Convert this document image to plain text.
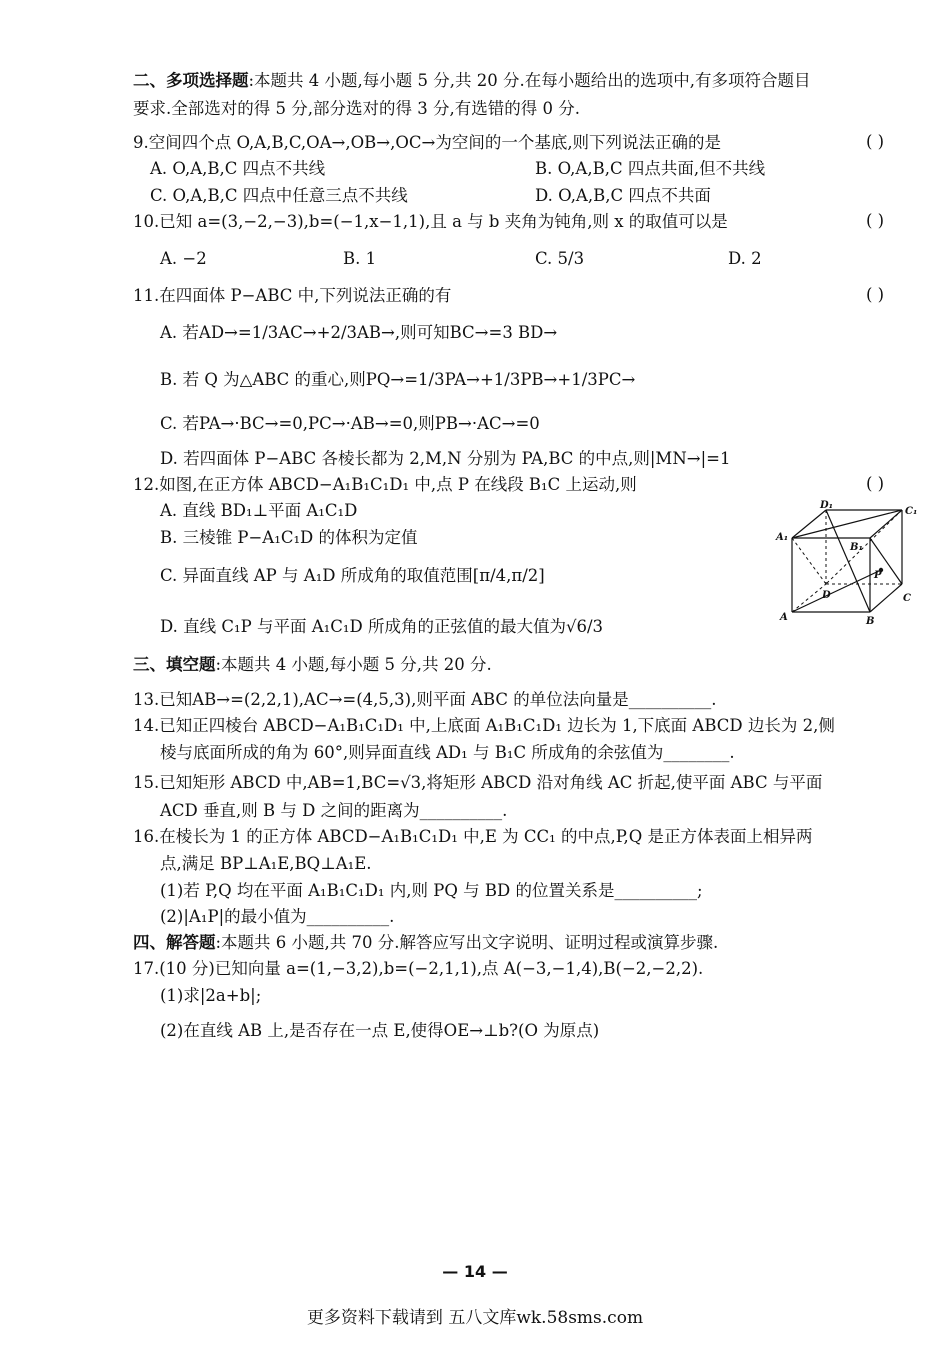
二、多项选择题:本题共 4 小题,每小题 5 分,共 20 分.在每小题给出的选项中,有多项符合题目
要求.全部选对的得 5 分,部分选对的得 3 分,有选错的得 0 分.
9.空间四个点 O,A,B,C,OA→,OB→,OC→为空间的一个基底,则下列说法正确的是	( )
A. O,A,B,C 四点不共线	B. O,A,B,C 四点共面,但不共线
C. O,A,B,C 四点中任意三点不共线	D. O,A,B,C 四点不共面
10.已知 a=(3,−2,−3),b=(−1,x−1,1),且 a 与 b 夹角为钝角,则 x 的取值可以是	( )
A. −2	B. 1	C. 5/3	D. 2
11.在四面体 P−ABC 中,下列说法正确的有	( )
A. 若AD→=1/3AC→+2/3AB→,则可知BC→=3 BD→
B. 若 Q 为△ABC 的重心,则PQ→=1/3PA→+1/3PB→+1/3PC→
C. 若PA→·BC→=0,PC→·AB→=0,则PB→·AC→=0
D. 若四面体 P−ABC 各棱长都为 2,M,N 分别为 PA,BC 的中点,则|MN→|=1
12.如图,在正方体 ABCD−A₁B₁C₁D₁ 中,点 P 在线段 B₁C 上运动,则	( )
A. 直线 BD₁⊥平面 A₁C₁D
B. 三棱锥 P−A₁C₁D 的体积为定值
C. 异面直线 AP 与 A₁D 所成角的取值范围[π/4,π/2]
D. 直线 C₁P 与平面 A₁C₁D 所成角的正弦值的最大值为√6/3
D₁
C₁
A₁
B₁
P
D	C
A	B
三、填空题:本题共 4 小题,每小题 5 分,共 20 分.
13.已知AB→=(2,2,1),AC→=(4,5,3),则平面 ABC 的单位法向量是__________.
14.已知正四棱台 ABCD−A₁B₁C₁D₁ 中,上底面 A₁B₁C₁D₁ 边长为 1,下底面 ABCD 边长为 2,侧
棱与底面所成的角为 60°,则异面直线 AD₁ 与 B₁C 所成角的余弦值为________.
15.已知矩形 ABCD 中,AB=1,BC=√3,将矩形 ABCD 沿对角线 AC 折起,使平面 ABC 与平面
ACD 垂直,则 B 与 D 之间的距离为__________.
16.在棱长为 1 的正方体 ABCD−A₁B₁C₁D₁ 中,E 为 CC₁ 的中点,P,Q 是正方体表面上相异两
点,满足 BP⊥A₁E,BQ⊥A₁E.
(1)若 P,Q 均在平面 A₁B₁C₁D₁ 内,则 PQ 与 BD 的位置关系是__________;
(2)|A₁P|的最小值为__________.
四、解答题:本题共 6 小题,共 70 分.解答应写出文字说明、证明过程或演算步骤.
17.(10 分)已知向量 a=(1,−3,2),b=(−2,1,1),点 A(−3,−1,4),B(−2,−2,2).
(1)求|2a+b|;
(2)在直线 AB 上,是否存在一点 E,使得OE→⊥b?(O 为原点)
— 14 —
更多资料下载请到 五八文库wk.58sms.com
